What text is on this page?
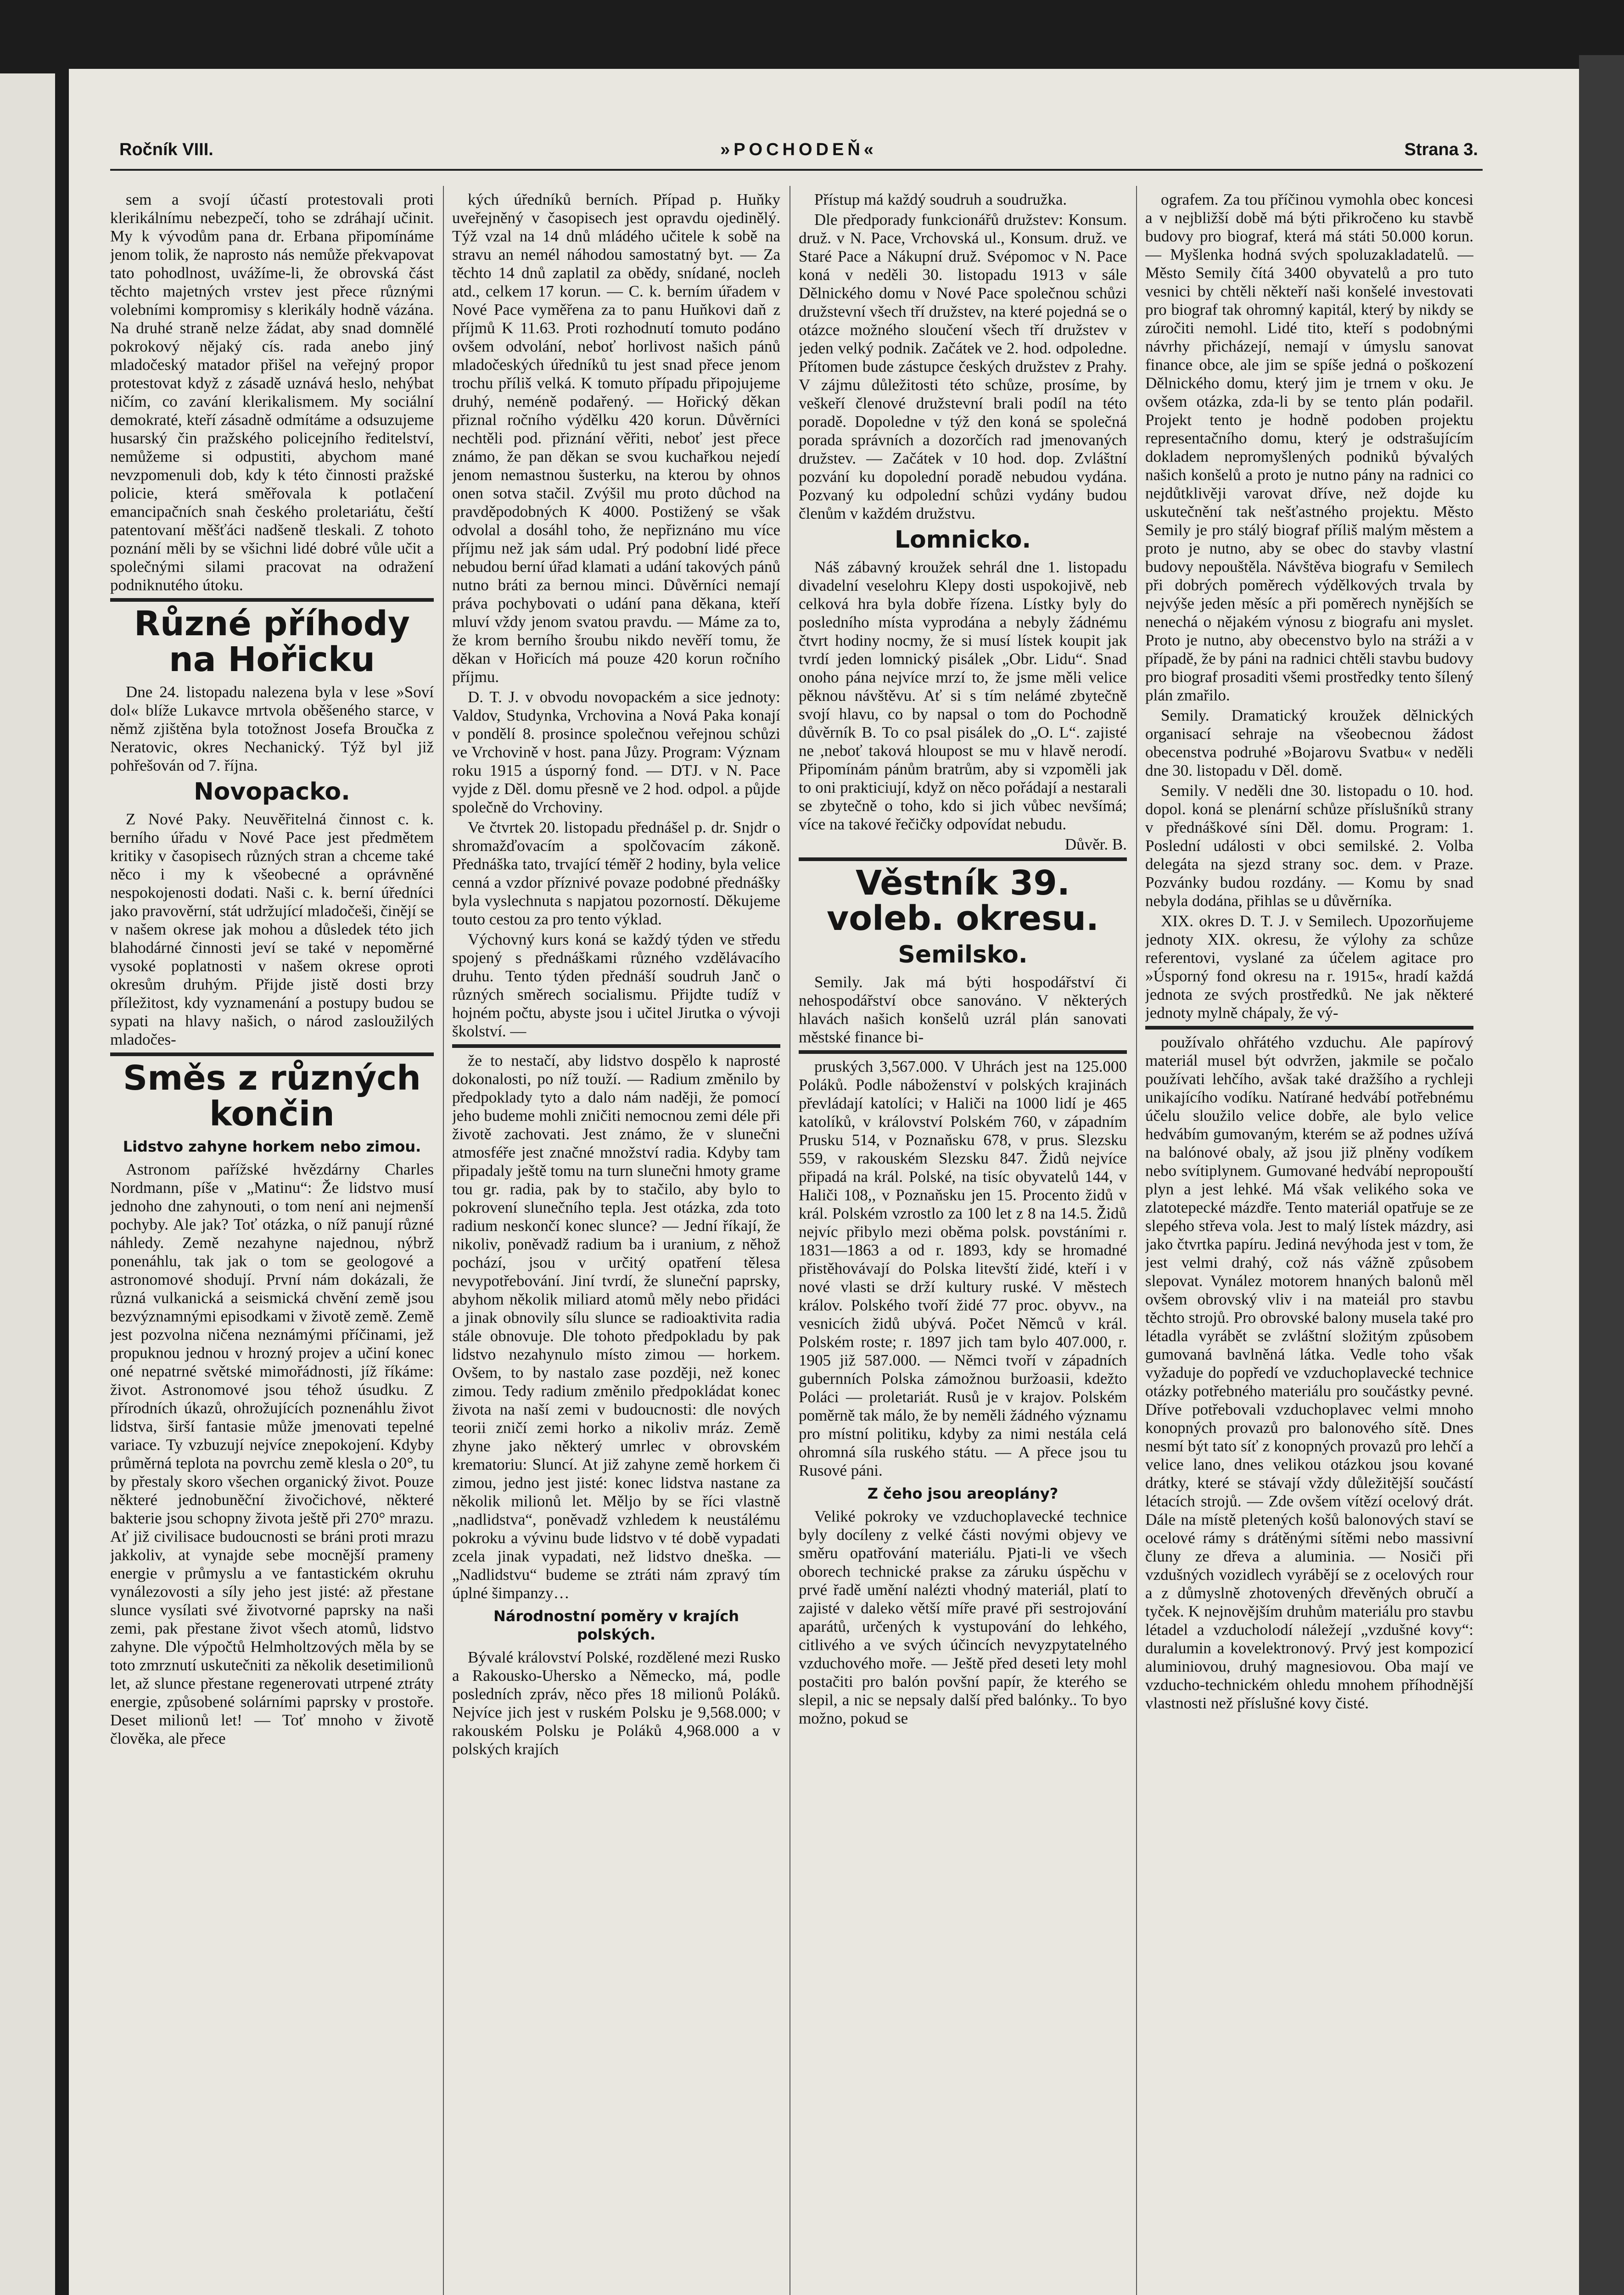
Ročník VIII.	»POCHODEŇ«	Strana 3.

sem a svojí účastí protestovali proti klerikálnímu nebezpečí, toho se zdráhají učinit. My k vývodům pana dr. Erbana připomínáme jenom tolik, že naprosto nás nemůže překvapovat tato pohodlnost, uvážíme-li, že obrovská část těchto majetných vrstev jest přece různými volebními kompromisy s klerikály hodně vázána. Na druhé straně nelze žádat, aby snad domnělé pokrokový nějaký cís. rada anebo jiný mladočeský matador přišel na veřejný propor protestovat když z zásadě uznává heslo, nehýbat ničím, co zavání klerikalismem. My sociální demokraté, kteří zásadně odmítáme a odsuzujeme husarský čin pražského policejního ředitelství, nemůžeme si odpustiti, abychom mané nevzpomenuli dob, kdy k této činnosti pražské policie, která směřovala k potlačení emancipačních snah českého proletariátu, čeští patentovaní měšťáci nadšeně tleskali. Z tohoto poznání měli by se všichni lidé dobré vůle učit a společnými silami pracovat na odražení podniknutého útoku.

Různé příhody na Hořicku

Dne 24. listopadu nalezena byla v lese »Soví dol« blíže Lukavce mrtvola oběšeného starce, v němž zjištěna byla totožnost Josefa Broučka z Neratovic, okres Nechanický. Týž byl již pohřešován od 7. října.

Novopacko.

Z Nové Paky. Neuvěřitelná činnost c. k. berního úřadu v Nové Pace jest předmětem kritiky v časopisech různých stran a chceme také něco i my k všeobecné a oprávněné nespokojenosti dodati. Naši c. k. berní úředníci jako pravověrní, stát udržující mladočeši, činějí se v našem okrese jak mohou a důsledek této jich blahodárné činnosti jeví se také v nepoměrné vysoké poplatnosti v našem okrese oproti okresům druhým. Přijde jistě dosti brzy příležitost, kdy vyznamenání a postupy budou se sypati na hlavy našich, o národ zasloužilých mladočes-

Směs z různých končin
Lidstvo zahyne horkem nebo zimou.

Astronom pařížské hvězdárny Charles Nordmann, píše v „Matinu“: Že lidstvo musí jednoho dne zahynouti, o tom není ani nejmenší pochyby. Ale jak? Toť otázka, o níž panují různé náhledy. Země nezahyne najednou, nýbrž ponenáhlu, tak jak o tom se geologové a astronomové shodují. První nám dokázali, že různá vulkanická a seismická chvění země jsou bezvýznamnými episodkami v životě země. Země jest pozvolna ničena neznámými příčinami, jež propuknou jednou v hrozný projev a učiní konec oné nepatrné světské mimořádnosti, jíž říkáme: život. Astronomové jsou téhož úsudku. Z přírodních úkazů, ohrožujících poznenáhlu život lidstva, širší fantasie může jmenovati tepelné variace. Ty vzbuzují nejvíce znepokojení. Kdyby průměrná teplota na povrchu země klesla o 20°, tu by přestaly skoro všechen organický život. Pouze některé jednobuněční živočichové, některé bakterie jsou schopny života ještě při 270° mrazu. Ať již civilisace budoucnosti se bráni proti mrazu jakkoliv, at vynajde sebe mocnější prameny energie v průmyslu a ve fantastickém okruhu vynálezovosti a síly jeho jest jisté: až přestane slunce vysílati své životvorné paprsky na naši zemi, pak přestane život všech atomů, lidstvo zahyne. Dle výpočtů Helmholtzových měla by se toto zmrznutí uskutečniti za několik desetimilionů let, až slunce přestane regenerovati utrpené ztráty energie, způsobené solárními paprsky v prostoře. Deset milionů let! — Toť mnoho v životě člověka, ale přece

kých úředníků berních. Případ p. Huňky uveřejněný v časopisech jest opravdu ojedinělý. Týž vzal na 14 dnů mládého učitele k sobě na stravu an nemél náhodou samostatný byt. — Za těchto 14 dnů zaplatil za obědy, snídané, nocleh atd., celkem 17 korun. — C. k. berním úřadem v Nové Pace vyměřena za to panu Huňkovi daň z příjmů K 11.63. Proti rozhodnutí tomuto podáno ovšem odvolání, neboť horlivost našich pánů mladočeských úředníků tu jest snad přece jenom trochu příliš velká. K tomuto případu připojujeme druhý, neméně podařený. — Hořický děkan přiznal ročního výdělku 420 korun. Důvěrníci nechtěli pod. přiznání věřiti, neboť jest přece známo, že pan děkan se svou kuchařkou nejedí jenom nemastnou šusterku, na kterou by ohnos onen sotva stačil. Zvýšil mu proto důchod na pravděpodobných K 4000. Postižený se však odvolal a dosáhl toho, že nepřiznáno mu více příjmu než jak sám udal. Prý podobní lidé přece nebudou berní úřad klamati a udání takových pánů nutno bráti za bernou minci. Důvěrníci nemají práva pochybovati o udání pana děkana, kteří mluví vždy jenom svatou pravdu. — Máme za to, že krom berního šroubu nikdo nevěří tomu, že děkan v Hořicích má pouze 420 korun ročního příjmu.

D. T. J. v obvodu novopackém a sice jednoty: Valdov, Studynka, Vrchovina a Nová Paka konají v pondělí 8. prosince společnou veřejnou schůzi ve Vrchovině v host. pana Jůzy. Program: Význam roku 1915 a úsporný fond. — DTJ. v N. Pace vyjde z Děl. domu přesně ve 2 hod. odpol. a půjde společně do Vrchoviny.

Ve čtvrtek 20. listopadu přednášel p. dr. Snjdr o shromažďovacím a spolčovacím zákoně. Přednáška tato, trvající téměř 2 hodiny, byla velice cenná a vzdor příznivé povaze podobné přednášky byla vyslechnuta s napjatou pozorností. Děkujeme touto cestou za pro tento výklad.

Výchovný kurs koná se každý týden ve středu spojený s přednáškami různého vzdělávacího druhu. Tento týden přednáší soudruh Janč o různých směrech socialismu. Přijdte tudíž v hojném počtu, abyste jsou i učitel Jirutka o vývoji školství. —

že to nestačí, aby lidstvo dospělo k naprosté dokonalosti, po níž touží. — Radium změnilo by předpoklady tyto a dalo nám naději, že pomocí jeho budeme mohli zničiti nemocnou zemi déle při životě zachovati. Jest známo, že v slunečni atmosféře jest značné množství radia. Kdyby tam připadaly ještě tomu na turn slunečni hmoty grame tou gr. radia, pak by to stačilo, aby bylo to pokrovení slunečního tepla. Jest otázka, zda toto radium neskončí konec slunce? — Jední říkají, že nikoliv, poněvadž radium ba i uranium, z něhož pochází, jsou v určitý opatření tělesa nevypotřebování. Jiní tvrdí, že sluneční paprsky, abyhom několik miliard atomů měly nebo přidáci a jinak obnovily sílu slunce se radioaktivita radia stále obnovuje. Dle tohoto předpokladu by pak lidstvo nezahynulo místo zimou — horkem. Ovšem, to by nastalo zase později, než konec zimou. Tedy radium změnilo předpokládat konec života na naší zemi v budoucnosti: dle nových teorii zničí zemi horko a nikoliv mráz. Země zhyne jako některý umrlec v obrovském krematoriu: Sluncí. At již zahyne země horkem či zimou, jedno jest jisté: konec lidstva nastane za několik milionů let. Měljo by se říci vlastně „nadlidstva“, poněvadž vzhledem k neustálému pokroku a vývinu bude lidstvo v té době vypadati zcela jinak vypadati, než lidstvo dneška. — „Nadlidstvu“ budeme se ztráti nám zpravý tím úplné šimpanzy…

Národnostní poměry v krajích polských.

Bývalé království Polské, rozdělené mezi Rusko a Rakousko-Uhersko a Německo, má, podle posledních zpráv, něco přes 18 milionů Poláků. Nejvíce jich jest v ruském Polsku je 9,568.000; v rakouském Polsku je Poláků 4,968.000 a v polských krajích

Přístup má každý soudruh a soudružka.

Dle předporady funkcionářů družstev: Konsum. druž. v N. Pace, Vrchovská ul., Konsum. druž. ve Staré Pace a Nákupní druž. Svépomoc v N. Pace koná v neděli 30. listopadu 1913 v sále Dělnického domu v Nové Pace společnou schůzi družstevní všech tří družstev, na které pojedná se o otázce možného sloučení všech tří družstev v jeden velký podnik. Začátek ve 2. hod. odpoledne. Přítomen bude zástupce českých družstev z Prahy. V zájmu důležitosti této schůze, prosíme, by veškeří členové družstevní brali podíl na této poradě. Dopoledne v týž den koná se společná porada správních a dozorčích rad jmenovaných družstev. — Začátek v 10 hod. dop. Zvláštní pozvání ku dopolední poradě nebudou vydána. Pozvaný ku odpolední schůzi vydány budou členům v každém družstvu.

Lomnicko.

Náš zábavný kroužek sehrál dne 1. listopadu divadelní veselohru Klepy dosti uspokojivě, neb celková hra byla dobře řízena. Lístky byly do posledního místa vyprodána a nebyly žádnému čtvrt hodiny nocmy, že si musí lístek koupit jak tvrdí jeden lomnický pisálek „Obr. Lidu“. Snad onoho pána nejvíce mrzí to, že jsme měli velice pěknou návštěvu. Ať si s tím nelámé zbytečně svojí hlavu, co by napsal o tom do Pochodně důvěrník B. To co psal pisálek do „O. L“. zajisté ne ,neboť taková hloupost se mu v hlavě nerodí. Připomínám pánům bratrům, aby si vzpoměli jak to oni prakticiují, když on něco pořádají a nestarali se zbytečně o toho, kdo si jich vůbec nevšímá; více na takové řečičky odpovídat nebudu.

Důvěr. B.
Věstník 39. voleb. okresu.
Semilsko.

Semily. Jak má býti hospodářství či nehospodářství obce sanováno. V některých hlavách našich konšelů uzrál plán sanovati městské finance bi-

pruských 3,567.000. V Uhrách jest na 125.000 Poláků. Podle náboženství v polských krajinách převládají katolíci; v Haliči na 1000 lidí je 465 katolíků, v království Polském 760, v západním Prusku 514, v Poznaňsku 678, v prus. Slezsku 559, v rakouském Slezsku 847. Židů nejvíce připadá na král. Polské, na tisíc obyvatelů 144, v Haliči 108,, v Poznaňsku jen 15. Procento židů v král. Polském vzrostlo za 100 let z 8 na 14.5. Židů nejvíc přibylo mezi oběma polsk. povstáními r. 1831—1863 a od r. 1893, kdy se hromadné přistěhovávají do Polska litevští židé, kteří i v nové vlasti se drží kultury ruské. V městech králov. Polského tvoří židé 77 proc. obyvv., na vesnicích židů ubývá. Počet Němců v král. Polském roste; r. 1897 jich tam bylo 407.000, r. 1905 již 587.000. — Němci tvoří v západních gubernních Polska zámožnou buržoasii, kdežto Poláci — proletariát. Rusů je v krajov. Polském poměrně tak málo, že by neměli žádného významu pro místní politiku, kdyby za nimi nestála celá ohromná síla ruského státu. — A přece jsou tu Rusové páni.

Z čeho jsou areoplány?

Veliké pokroky ve vzduchoplavecké technice byly docíleny z velké části novými objevy ve směru opatřování materiálu. Pjati-li ve všech oborech technické prakse za záruku úspěchu v prvé řadě umění nalézti vhodný materiál, platí to zajisté v daleko větší míře pravé při sestrojování aparátů, určených k vystupování do lehkého, citlivého a ve svých účincích nevyzpytatelného vzduchového moře. — Ještě před deseti lety mohl postačiti pro balón povšní papír, že kterého se slepil, a nic se nepsaly další před balónky.. To byo možno, pokud se

ografem. Za tou příčinou vymohla obec koncesi a v nejbližší době má býti přikročeno ku stavbě budovy pro biograf, která má státi 50.000 korun. — Myšlenka hodná svých spoluzakladatelů. — Město Semily čítá 3400 obyvatelů a pro tuto vesnici by chtěli někteří naši konšelé investovati pro biograf tak ohromný kapitál, který by nikdy se zúročiti nemohl. Lidé tito, kteří s podobnými návrhy přicházejí, nemají v úmyslu sanovat finance obce, ale jim se spíše jedná o poškození Dělnického domu, který jim je trnem v oku. Je ovšem otázka, zda-li by se tento plán podařil. Projekt tento je hodně podoben projektu representačního domu, který je odstrašujícím dokladem nepromyšlených podniků bývalých našich konšelů a proto je nutno pány na radnici co nejdůtklivěji varovat dříve, než dojde ku uskutečnění tak nešťastného projektu. Město Semily je pro stálý biograf příliš malým městem a proto je nutno, aby se obec do stavby vlastní budovy nepouštěla. Návštěva biografu v Semilech při dobrých poměrech výdělkových trvala by nejvýše jeden měsíc a při poměrech nynějších se nenechá o nějakém výnosu z biografu ani myslet. Proto je nutno, aby obecenstvo bylo na stráži a v případě, že by páni na radnici chtěli stavbu budovy pro biograf prosaditi všemi prostředky tento šílený plán zmařilo.

Semily. Dramatický kroužek dělnických organisací sehraje na všeobecnou žádost obecenstva podruhé »Bojarovu Svatbu« v neděli dne 30. listopadu v Děl. domě.

Semily. V neděli dne 30. listopadu o 10. hod. dopol. koná se plenární schůze příslušníků strany v přednáškové síni Děl. domu. Program: 1. Poslední události v obci semilské. 2. Volba delegáta na sjezd strany soc. dem. v Praze. Pozvánky budou rozdány. — Komu by snad nebyla dodána, přihlas se u důvěrníka.

XIX. okres D. T. J. v Semilech. Upozorňujeme jednoty XIX. okresu, že výlohy za schůze referentovi, vyslané za účelem agitace pro »Úsporný fond okresu na r. 1915«, hradí každá jednota ze svých prostředků. Ne jak některé jednoty mylně chápaly, že vý-

používalo ohřátého vzduchu. Ale papírový materiál musel být odvržen, jakmile se počalo používati lehčího, avšak také dražšího a rychleji unikajícího vodíku. Natírané hedvábí potřebnému účelu sloužilo velice dobře, ale bylo velice hedvábím gumovaným, kterém se až podnes užívá na balónové obaly, až jsou již plněny vodíkem nebo svítiplynem. Gumované hedvábí nepropouští plyn a jest lehké. Má však velikého soka ve zlatotepecké mázdře. Tento materiál opatřuje se ze slepého střeva vola. Jest to malý lístek mázdry, asi jako čtvrtka papíru. Jediná nevýhoda jest v tom, že jest velmi drahý, což nás vážně způsobem slepovat. Vynález motorem hnaných balonů měl ovšem obrovský vliv i na mateiál pro stavbu těchto strojů. Pro obrovské balony musela také pro létadla vyrábět se zvláštní složitým způsobem gumovaná bavlněná látka. Vedle toho však vyžaduje do popředí ve vzduchoplavecké technice otázky potřebného materiálu pro součástky pevné. Dříve potřebovali vzduchoplavec velmi mnoho konopných provazů pro balonového sítě. Dnes nesmí být tato síť z konopných provazů pro lehčí a velice lano, dnes velikou otázkou jsou kované drátky, které se stávají vždy důležitější součástí létacích strojů. — Zde ovšem vítězí ocelový drát. Dále na místě pletených košů balonových staví se ocelové rámy s drátěnými sítěmi nebo massivní čluny ze dřeva a aluminia. — Nosiči při vzdušných vozidlech vyrábějí se z ocelových rour a z důmyslně zhotovených dřevěných obručí a tyček. K nejnovějším druhům materiálu pro stavbu létadel a vzducholodí náležejí „vzdušné kovy“: duralumin a kovelektronový. Prvý jest kompozicí aluminiovou, druhý magnesiovou. Oba mají ve vzducho-technickém ohledu mnohem příhodnější vlastnosti než příslušné kovy čisté.
